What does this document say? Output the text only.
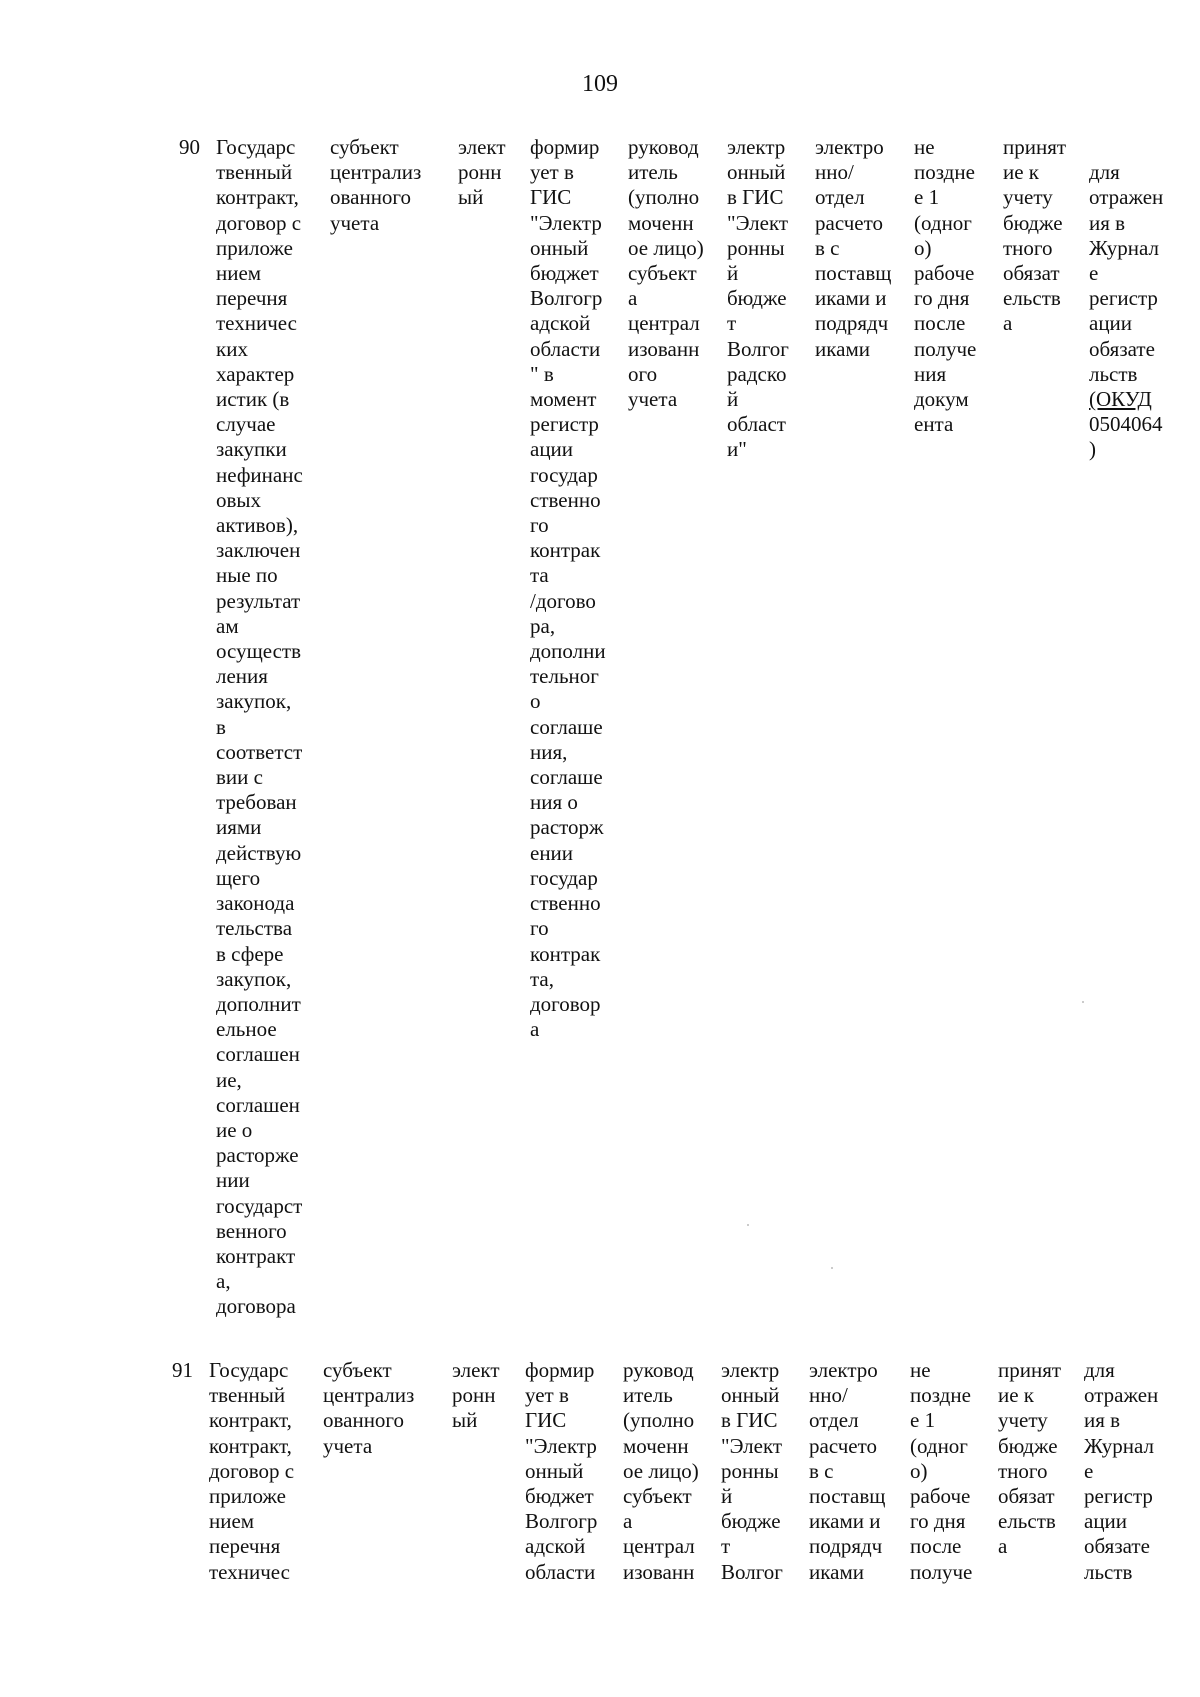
109
90 Государс
твенный
контракт,
договор с
приложе
нием
перечня
техничес
ких
характер
истик (в
случае
закупки
нефинанс
овых
активов),
заключен
ные по
результат
ам
осуществ
ления
закупок,
в
соответст
вии с
требован
иями
действую
щего
законода
тельства
в сфере
закупок,
дополнит
ельное
соглашен
ие,
соглашен
ие о
расторже
нии
государст
венного
контракт
а,
договора
субъект
централиз
ованного
учета
элект
ронн
ый
формир
ует в
ГИС
"Электр
онный
бюджет
Волгогр
адской
области
" в
момент
регистр
ации
государ
ственно
го
контрак
та
/догово
ра,
дополни
тельног
о
соглаше
ния,
соглаше
ния о
расторж
ении
государ
ственно
го
контрак
та,
договор
а
руковод
итель
(уполно
моченн
ое лицо)
субъект
а
централ
изованн
ого
учета
электр
онный
в ГИС
"Элект
ронны
й
бюдже
т
Волгог
радско
й
област
и"
электро
нно/
отдел
расчето
в с
поставщ
иками и
подрядч
иками
не
поздне
е 1
(одног
о)
рабоче
го дня
после
получе
ния
докум
ента
принят
ие к
учету
бюдже
тного
обязат
ельств
а

для
отражен
ия в
Журнал
е
регистр
ации
обязате
льств
(ОКУД
0504064
)

91 Государс
твенный
контракт,
контракт,
договор с
приложе
нием
перечня
техничес
субъект
централиз
ованного
учета
элект
ронн
ый
формир
ует в
ГИС
"Электр
онный
бюджет
Волгогр
адской
области
руковод
итель
(уполно
моченн
ое лицо)
субъект
а
централ
изованн
электр
онный
в ГИС
"Элект
ронны
й
бюдже
т
Волгог
электро
нно/
отдел
расчето
в с
поставщ
иками и
подрядч
иками
не
поздне
е 1
(одног
о)
рабоче
го дня
после
получе
принят
ие к
учету
бюдже
тного
обязат
ельств
а
для
отражен
ия в
Журнал
е
регистр
ации
обязате
льств
